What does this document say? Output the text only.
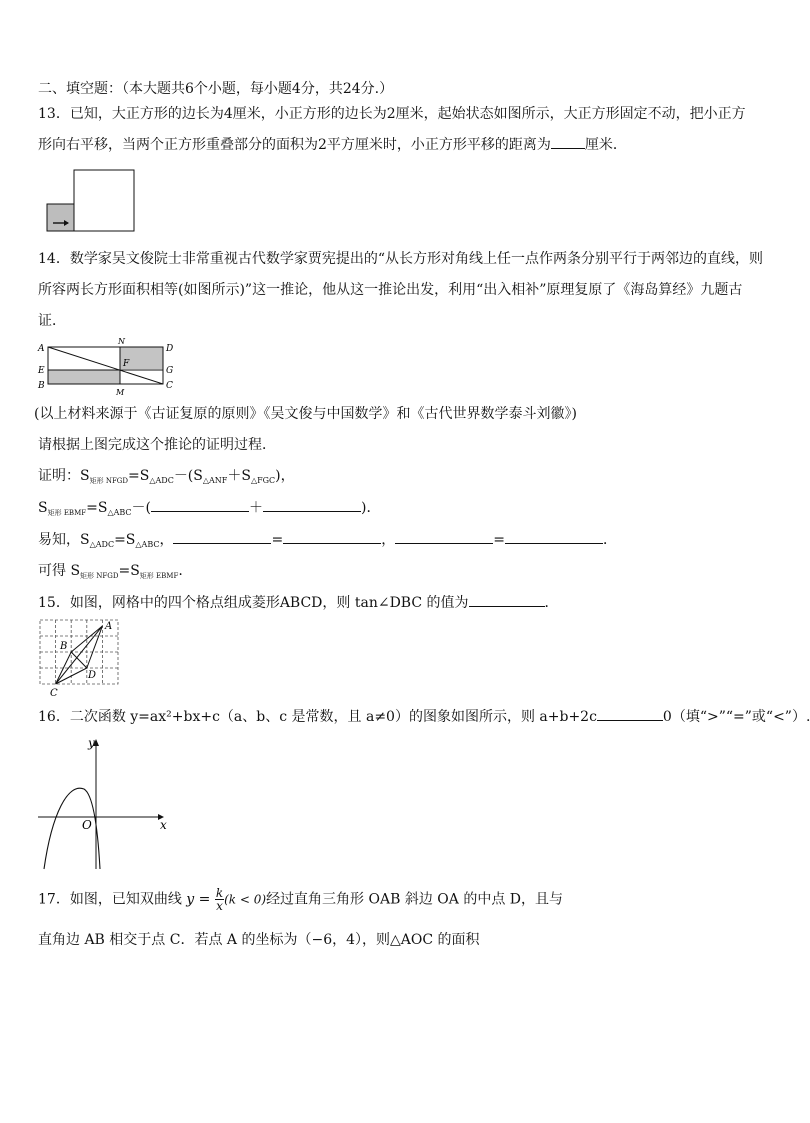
二、填空题：（本大题共6个小题，每小题4分，共24分.）
13．已知，大正方形的边长为4厘米，小正方形的边长为2厘米，起始状态如图所示，大正方形固定不动，把小正方
形向右平移，当两个正方形重叠部分的面积为2平方厘米时，小正方形平移的距离为 厘米．
14．数学家吴文俊院士非常重视古代数学家贾宪提出的“从长方形对角线上任一点作两条分别平行于两邻边的直线，则
所容两长方形面积相等(如图所示)”这一推论，他从这一推论出发，利用“出入相补”原理复原了《海岛算经》九题古
证．
A
N
D
E
F
G
B
M
C
(以上材料来源于《古证复原的原则》《吴文俊与中国数学》和《古代世界数学泰斗刘徽》)
请根据上图完成这个推论的证明过程．
证明：$S_{矩形 NFGD}=S_{\triangle ADC}-(S_{\triangle ANF}+S_{\triangle FGC})$，
$S_{矩形 EBMF}=S_{\triangle ABC}-$(	＋	)．
易知，$S_{\triangle ADC}=S_{\triangle ABC}$，	=	，	=	．
可得 $S_{矩形 NFGD}=S_{矩形 EBMF}$.
15．如图，网格中的四个格点组成菱形ABCD，则 tan∠DBC 的值为	．
A
B
D
C
16．二次函数 y=ax²+bx+c（a、b、c 是常数，且 a≠0）的图象如图所示，则 a+b+2c	0（填“>”“=”或“<”）.
y
x
O
17．如图，已知双曲线 $y = \frac{k}{x} (k < 0)$经过直角三角形 OAB 斜边 OA 的中点 D，且与
直角边 AB 相交于点 C．若点 A 的坐标为（−6，4），则△AOC 的面积
